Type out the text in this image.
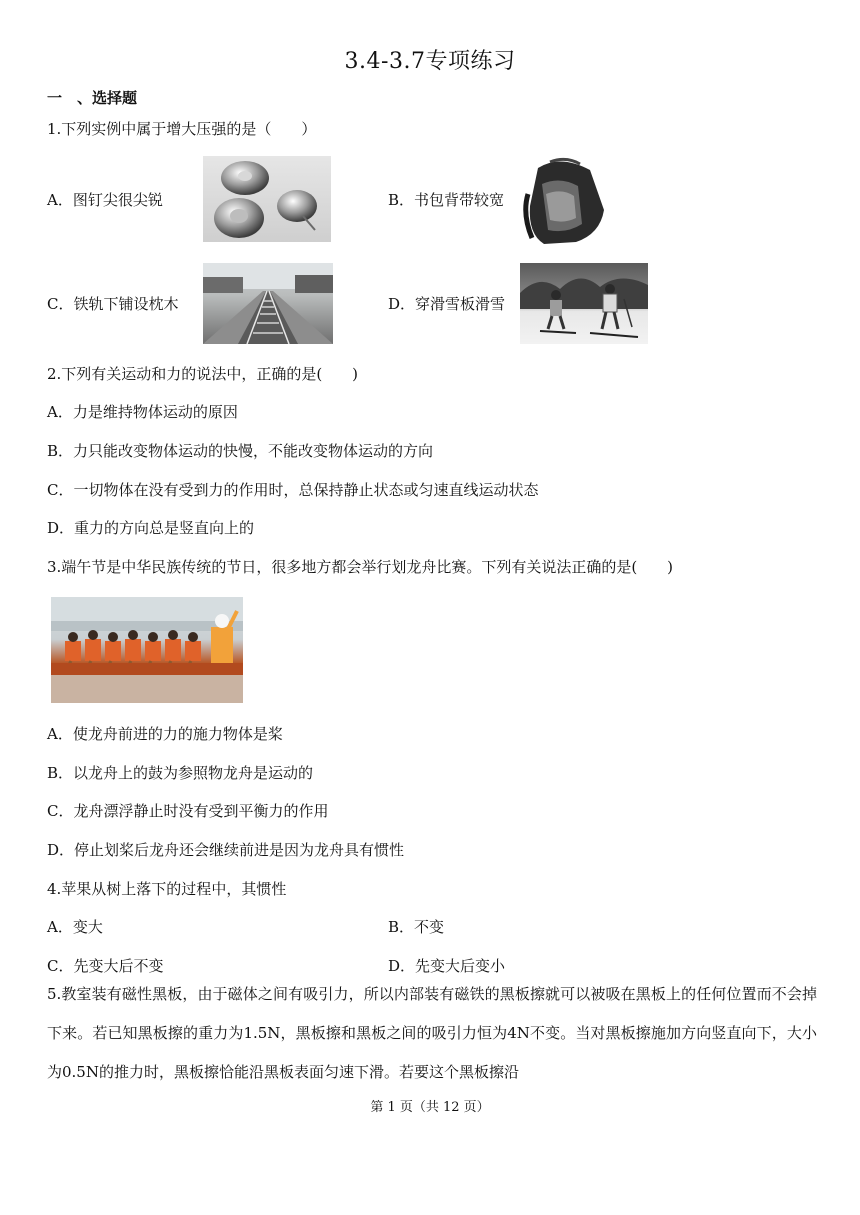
3.4-3.7专项练习
一　、选择题
1.下列实例中属于增大压强的是（　　）
A．图钉尖很尖锐	B．书包背带较宽
C．铁轨下铺设枕木	D．穿滑雪板滑雪
2.下列有关运动和力的说法中，正确的是(　　)
A．力是维持物体运动的原因
B．力只能改变物体运动的快慢，不能改变物体运动的方向
C．一切物体在没有受到力的作用时，总保持静止状态或匀速直线运动状态
D．重力的方向总是竖直向上的
3.端午节是中华民族传统的节日，很多地方都会举行划龙舟比赛。下列有关说法正确的是(　　)
A．使龙舟前进的力的施力物体是桨
B．以龙舟上的鼓为参照物龙舟是运动的
C．龙舟漂浮静止时没有受到平衡力的作用
D．停止划桨后龙舟还会继续前进是因为龙舟具有惯性
4.苹果从树上落下的过程中，其惯性
A．变大	B．不变
C．先变大后不变	D．先变大后变小
5.教室装有磁性黑板，由于磁体之间有吸引力，所以内部装有磁铁的黑板擦就可以被吸在黑板上的任何位置而不会掉下来。若已知黑板擦的重力为1.5N，黑板擦和黑板之间的吸引力恒为4N不变。当对黑板擦施加方向竖直向下，大小为0.5N的推力时，黑板擦恰能沿黑板表面匀速下滑。若要这个黑板擦沿
第 1 页（共 12 页）
